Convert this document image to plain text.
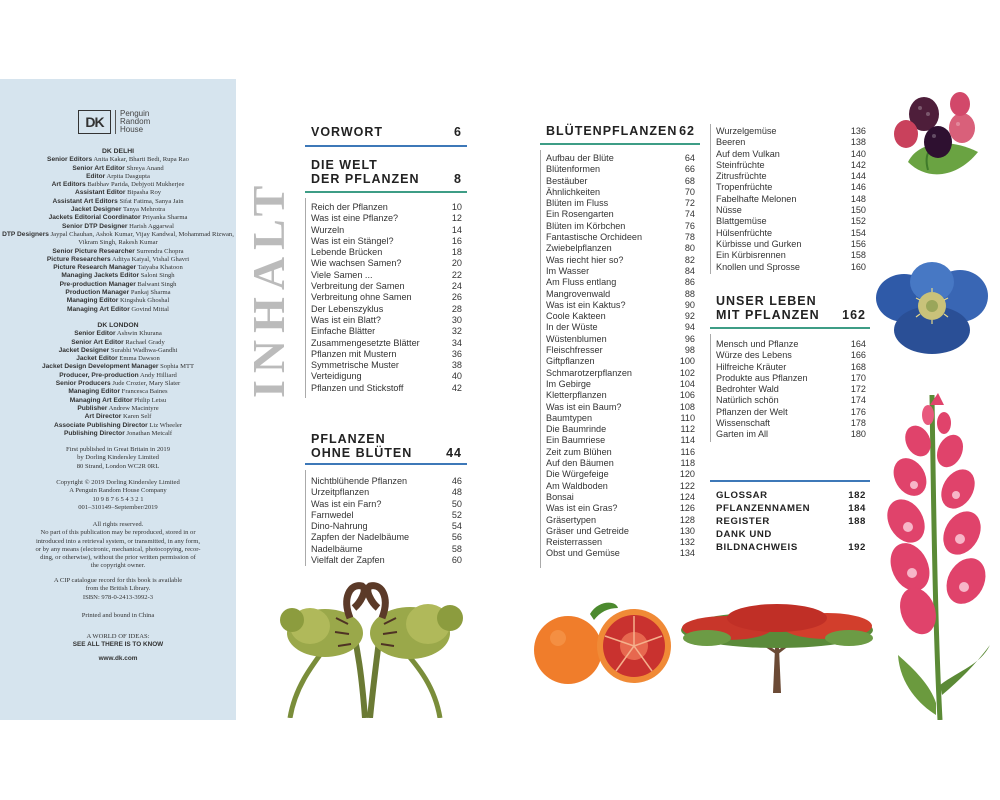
DK
Penguin
Random
House
DK DELHI
Senior Editors Anita Kakar, Bharti Bedi, Rupa Rao
Senior Art Editor Shreya Anand
Editor Arpita Dasgupta
Art Editors Baibhav Parida, Debjyoti Mukherjee
Assistant Editor Bipasha Roy
Assistant Art Editors Sifat Fatima, Sanya Jain
Jacket Designer Tanya Mehrotra
Jackets Editorial Coordinator Priyanka Sharma
Senior DTP Designer Harish Aggarwal
DTP Designers Jaypal Chauhan, Ashok Kumar, Vijay Kandwal, Mohammad Rizwan, Vikram Singh, Rakesh Kumar
Senior Picture Researcher Surrendra Chopra
Picture Researchers Aditya Katyal, Vishal Ghavri
Picture Research Manager Taiyaba Khatoon
Managing Jackets Editor Saloni Singh
Pre-production Manager Balwant Singh
Production Manager Pankaj Sharma
Managing Editor Kingshuk Ghoshal
Managing Art Editor Govind Mittal
DK LONDON
Senior Editor Ashwin Khurana
Senior Art Editor Rachael Grady
Jacket Designer Surabhi Wadhwa-Gandhi
Jacket Editor Emma Dawson
Jacket Design Development Manager Sophia MTT
Producer, Pre-production Andy Hilliard
Senior Producers Jude Crozier, Mary Slater
Managing Editor Francesca Baines
Managing Art Editor Philip Letsu
Publisher Andrew Macintyre
Art Director Karen Self
Associate Publishing Director Liz Wheeler
Publishing Director Jonathan Metcalf
First published in Great Britain in 2019
by Dorling Kindersley Limited
80 Strand, London WC2R 0RL
Copyright © 2019 Dorling Kindersley Limited
A Penguin Random House Company
10 9 8 7 6 5 4 3 2 1
001–310149–September/2019
All rights reserved.
No part of this publication may be reproduced, stored in or
introduced into a retrieval system, or transmitted, in any form,
or by any means (electronic, mechanical, photocopying, recor-
ding, or otherwise), without the prior written permission of
the copyright owner.
A CIP catalogue record for this book is available
from the British Library.
ISBN: 978-0-2413-3992-3
Printed and bound in China
A WORLD OF IDEAS:
SEE ALL THERE IS TO KNOW
www.dk.com
INHALT
VORWORT	6
DIE WELT
DER PFLANZEN	8
Reich der Pflanzen	10
Was ist eine Pflanze?	12
Wurzeln	14
Was ist ein Stängel?	16
Lebende Brücken	18
Wie wachsen Samen?	20
Viele Samen ...	22
Verbreitung der Samen	24
Verbreitung ohne Samen	26
Der Lebenszyklus	28
Was ist ein Blatt?	30
Einfache Blätter	32
Zusammengesetzte Blätter	34
Pflanzen mit Mustern	36
Symmetrische Muster	38
Verteidigung	40
Pflanzen und Stickstoff	42
PFLANZEN
OHNE BLÜTEN	44
Nichtblühende Pflanzen	46
Urzeitpflanzen	48
Was ist ein Farn?	50
Farnwedel	52
Dino-Nahrung	54
Zapfen der Nadelbäume	56
Nadelbäume	58
Vielfalt der Zapfen	60
BLÜTENPFLANZEN 62
Aufbau der Blüte	64
Blütenformen	66
Bestäuber	68
Ähnlichkeiten	70
Blüten im Fluss	72
Ein Rosengarten	74
Blüten im Körbchen	76
Fantastische Orchideen	78
Zwiebelpflanzen	80
Was riecht hier so?	82
Im Wasser	84
Am Fluss entlang	86
Mangrovenwald	88
Was ist ein Kaktus?	90
Coole Kakteen	92
In der Wüste	94
Wüstenblumen	96
Fleischfresser	98
Giftpflanzen	100
Schmarotzerpflanzen	102
Im Gebirge	104
Kletterpflanzen	106
Was ist ein Baum?	108
Baumtypen	110
Die Baumrinde	112
Ein Baumriese	114
Zeit zum Blühen	116
Auf den Bäumen	118
Die Würgefeige	120
Am Waldboden	122
Bonsai	124
Was ist ein Gras?	126
Gräsertypen	128
Gräser und Getreide	130
Reisterrassen	132
Obst und Gemüse	134
Wurzelgemüse	136
Beeren	138
Auf dem Vulkan	140
Steinfrüchte	142
Zitrusfrüchte	144
Tropenfrüchte	146
Fabelhafte Melonen	148
Nüsse	150
Blattgemüse	152
Hülsenfrüchte	154
Kürbisse und Gurken	156
Ein Kürbisrennen	158
Knollen und Sprosse	160
UNSER LEBEN
MIT PFLANZEN 162
Mensch und Pflanze	164
Würze des Lebens	166
Hilfreiche Kräuter	168
Produkte aus Pflanzen	170
Bedrohter Wald	172
Natürlich schön	174
Pflanzen der Welt	176
Wissenschaft	178
Garten im All	180
GLOSSAR	182
PFLANZENNAMEN	184
REGISTER	188
DANK UND
BILDNACHWEIS	192
